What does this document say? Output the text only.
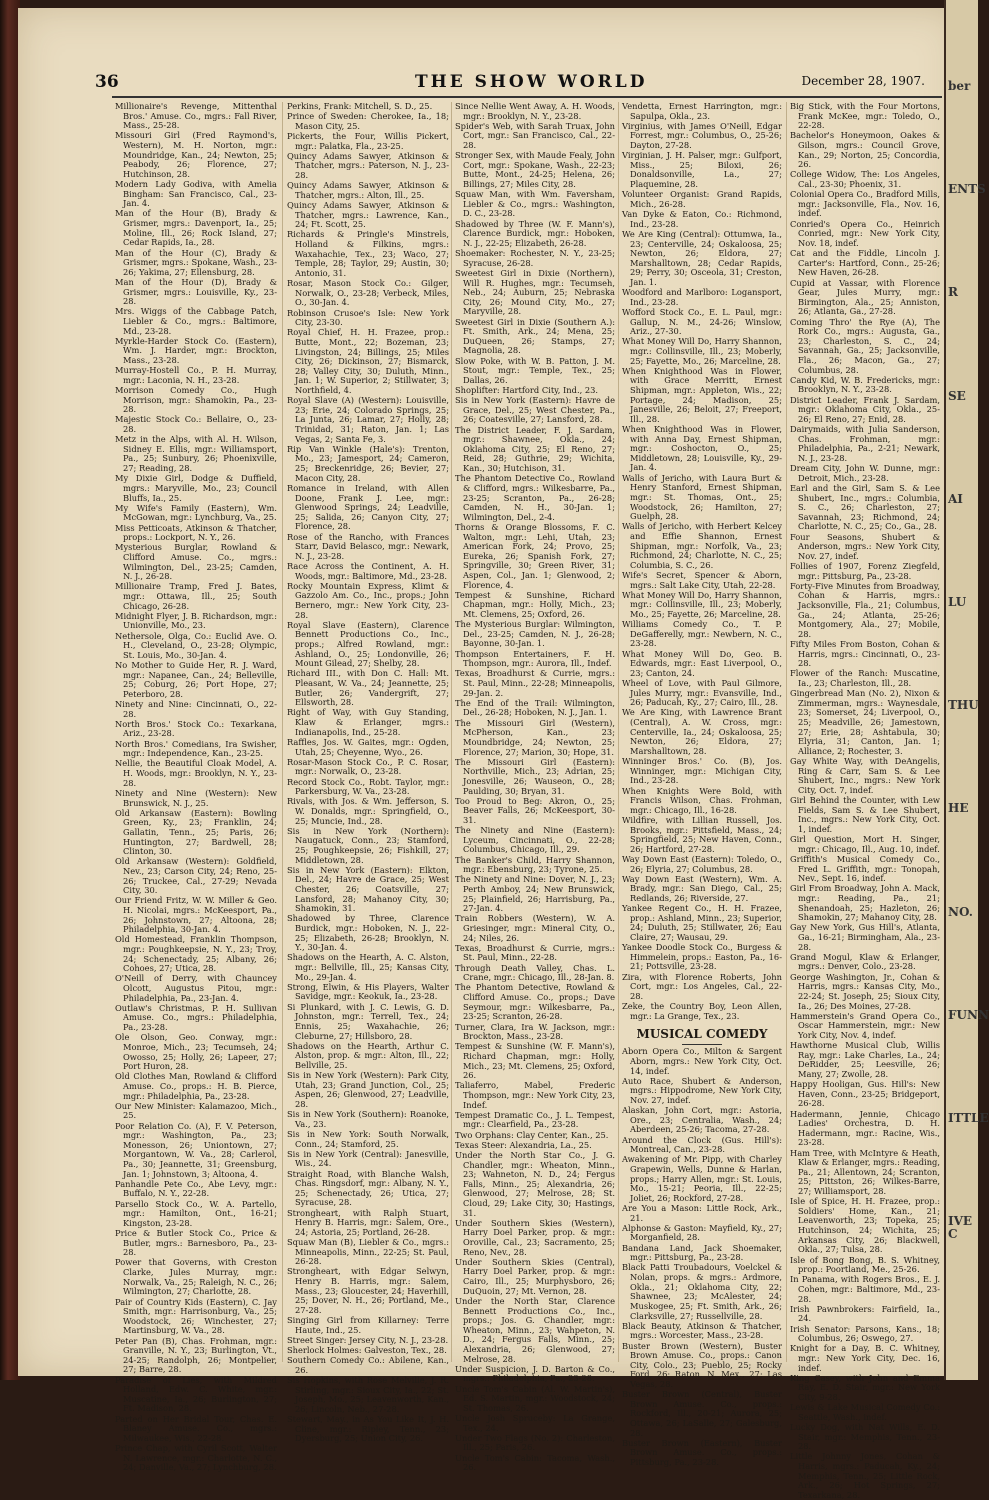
ber
ENTS
R
SE
AI
LU
THU
HE
NO.
FUNN
ITTLE
IVE C
36	THE SHOW WORLD	December 28, 1907.

Millionaire's Revenge, Mittenthal Bros.' Amuse. Co., mgrs.: Fall River, Mass., 25-28.

Missouri Girl (Fred Raymond's, Western), M. H. Norton, mgr.: Moundridge, Kan., 24; Newton, 25; Peabody, 26; Florence, 27; Hutchinson, 28.

Modern Lady Godiva, with Amelia Bingham: San Francisco, Cal., 23-Jan. 4.

Man of the Hour (B), Brady & Grismer, mgrs.: Davenport, Ia., 25; Moline, Ill., 26; Rock Island, 27; Cedar Rapids, Ia., 28.

Man of the Hour (C), Brady & Grismer, mgrs.: Spokane, Wash., 23-26; Yakima, 27; Ellensburg, 28.

Man of the Hour (D), Brady & Grismer, mgrs.: Louisville, Ky., 23-28.

Mrs. Wiggs of the Cabbage Patch, Liebler & Co., mgrs.: Baltimore, Md., 23-28.

Myrkle-Harder Stock Co. (Eastern), Wm. J. Harder, mgr.: Brockton, Mass., 23-28.

Murray-Hostell Co., P. H. Murray, mgr.: Laconia, N. H., 23-28.

Morrison Comedy Co., Hugh Morrison, mgr.: Shamokin, Pa., 23-28.

Majestic Stock Co.: Bellaire, O., 23-28.

Metz in the Alps, with Al. H. Wilson, Sidney E. Ellis, mgr.: Williamsport, Pa., 25; Sunbury, 26; Phoenixville, 27; Reading, 28.

My Dixie Girl, Dodge & Duffield, mgrs.: Maryville, Mo., 23; Council Bluffs, Ia., 25.

My Wife's Family (Eastern), Wm. McGowan, mgr.: Lynchburg, Va., 25.

Miss Petticoats, Atkinson & Thatcher, props.: Lockport, N. Y., 26.

Mysterious Burglar, Rowland & Clifford Amuse. Co., mgrs.: Wilmington, Del., 23-25; Camden, N. J., 26-28.

Millionaire Tramp, Fred J. Bates, mgr.: Ottawa, Ill., 25; South Chicago, 26-28.

Midnight Flyer, J. B. Richardson, mgr.: Unionville, Mo., 23.

Nethersole, Olga, Co.: Euclid Ave. O. H., Cleveland, O., 23-28; Olympic, St. Louis, Mo., 30-Jan. 4.

No Mother to Guide Her, R. J. Ward, mgr.: Napanee, Can., 24; Belleville, 25; Coburg, 26; Port Hope, 27; Peterboro, 28.

Ninety and Nine: Cincinnati, O., 22-28.

North Bros.' Stock Co.: Texarkana, Ariz., 23-28.

North Bros.' Comedians, Ira Swisher, mgr.: Independence, Kan., 23-25.

Nellie, the Beautiful Cloak Model, A. H. Woods, mgr.: Brooklyn, N. Y., 23-28.

Ninety and Nine (Western): New Brunswick, N. J., 25.

Old Arkansaw (Eastern): Bowling Green, Ky., 23; Franklin, 24; Gallatin, Tenn., 25; Paris, 26; Huntington, 27; Bardwell, 28; Clinton, 30.

Old Arkansaw (Western): Goldfield, Nev., 23; Carson City, 24; Reno, 25-26; Truckee, Cal., 27-29; Nevada City, 30.

Our Friend Fritz, W. W. Miller & Geo. H. Nicolai, mgrs.: McKeesport, Pa., 26; Johnstown, 27; Altoona, 28; Philadelphia, 30-Jan. 4.

Old Homestead, Franklin Thompson, mgr.: Poughkeepsie, N. Y., 23; Troy, 24; Schenectady, 25; Albany, 26; Cohoes, 27; Utica, 28.

O'Neill of Derry, with Chauncey Olcott, Augustus Pitou, mgr.: Philadelphia, Pa., 23-Jan. 4.

Outlaw's Christmas, P. H. Sullivan Amuse. Co., mgrs.: Philadelphia, Pa., 23-28.

Ole Olson, Geo. Conway, mgr.: Monroe, Mich., 23; Tecumseh, 24; Owosso, 25; Holly, 26; Lapeer, 27; Port Huron, 28.

Old Clothes Man, Rowland & Clifford Amuse. Co., props.: H. B. Pierce, mgr.: Philadelphia, Pa., 23-28.

Our New Minister: Kalamazoo, Mich., 25.

Poor Relation Co. (A), F. V. Peterson, mgr.: Washington, Pa., 23; Monesson, 26; Uniontown, 27; Morgantown, W. Va., 28; Carlerol, Pa., 30; Jeannette, 31; Greensburg, Jan. 1; Johnstown, 3; Altoona, 4.

Panhandle Pete Co., Abe Levy, mgr.: Buffalo, N. Y., 22-28.

Parsello Stock Co., W. A. Partello, mgr.: Hamilton, Ont., 16-21; Kingston, 23-28.

Price & Butler Stock Co., Price & Butler, mgrs.: Barnesboro, Pa., 23-28.

Power that Governs, with Creston Clarke, Jules Murray, mgr.: Norwalk, Va., 25; Raleigh, N. C., 26; Wilmington, 27; Charlotte, 28.

Pair of Country Kids (Eastern), C. Jay Smith, mgr.: Harrisonburg, Va., 25; Woodstock, 26; Winchester, 27; Martinsburg, W. Va., 28.

Peter Pan (B), Chas. Frohman, mgr.: Granville, N. Y., 23; Burlington, Vt., 24-25; Randolph, 26; Montpelier, 27; Barre, 28.

Paradise of Lies, with Mildred Holland, Edw. C. White, mgr.: Muscatine, Ia., 26; Burlington, 27; Ft. Madison, 28.

Parted on Her Bridal Tour, Chas. E. Blaney Amuse. Co., mgrs.: Milwaukee, Wis., 22-28.

Prince Chap, with Cyril Scott, Walter N. Lawrence, mgr.: Charlotte, N. C., 24; Danville, Va., 27; Lynchburg, 28.

Perkins, Frank: Mitchell, S. D., 25.

Prince of Sweden: Cherokee, Ia., 18; Mason City, 25.

Pickerts, the Four, Willis Pickert, mgr.: Palatka, Fla., 23-25.

Quincy Adams Sawyer, Atkinson & Thatcher, mgrs.: Paterson, N. J., 23-28.

Quincy Adams Sawyer, Atkinson & Thatcher, mgrs.: Alton, Ill., 25.

Quincy Adams Sawyer, Atkinson & Thatcher, mgrs.: Lawrence, Kan., 24; Ft. Scott, 25.

Richards & Pringle's Minstrels, Holland & Filkins, mgrs.: Waxahachie, Tex., 23; Waco, 27; Temple, 28; Taylor, 29; Austin, 30; Antonio, 31.

Rosar, Mason Stock Co.: Gilger, Norwalk, O., 23-28; Verbeck, Miles, O., 30-Jan. 4.

Robinson Crusoe's Isle: New York City, 23-30.

Royal Chief, H. H. Frazee, prop.: Butte, Mont., 22; Bozeman, 23; Livingston, 24; Billings, 25; Miles City, 26; Dickinson, 27; Bismarck, 28; Valley City, 30; Duluth, Minn., Jan. 1; W. Superior, 2; Stillwater, 3; Northfield, 4.

Royal Slave (A) (Western): Louisville, 23; Erie, 24; Colorado Springs, 25; La Junta, 26; Lamar, 27; Holly, 28; Trinidad, 31; Raton, Jan. 1; Las Vegas, 2; Santa Fe, 3.

Rip Van Winkle (Hale's): Trenton, Mo., 23; Jamesport, 24; Cameron, 25; Breckenridge, 26; Bevier, 27; Macon City, 28.

Romance in Ireland, with Allen Doone, Frank J. Lee, mgr.: Glenwood Springs, 24; Leadville, 25; Salida, 26; Canyon City, 27; Florence, 28.

Rose of the Rancho, with Frances Starr, David Belasco, mgr.: Newark, N. J., 23-28.

Race Across the Continent, A. H. Woods, mgr.: Baltimore, Md., 23-28.

Rocky Mountain Express, Klimt & Gazzolo Am. Co., Inc., props.; John Bernero, mgr.: New York City, 23-28.

Royal Slave (Eastern), Clarence Bennett Productions Co., Inc., props.; Alfred Rowland, mgr.: Ashland, O., 25; Londonville, 26; Mount Gilead, 27; Shelby, 28.

Richard III., with Don C. Hall: Mt. Pleasant, W. Va., 24; Jeannette, 25; Butler, 26; Vandergrift, 27; Ellsworth, 28.

Right of Way, with Guy Standing, Klaw & Erlanger, mgrs.: Indianapolis, Ind., 25-28.

Raffles, Jos. W. Gaites, mgr.: Ogden, Utah, 25; Cheyenne, Wyo., 26.

Rosar-Mason Stock Co., P. C. Rosar, mgr.: Norwalk, O., 23-28.

Record Stock Co., Robt. Taylor, mgr.: Parkersburg, W. Va., 23-28.

Rivals, with Jos. & Wm. Jefferson, S. W. Donalds, mgr.: Springfield, O., 25; Muncie, Ind., 28.

Sis in New York (Northern): Naugatuck, Conn., 23; Stamford, 25; Poughkeepsie, 26; Fishkill, 27; Middletown, 28.

Sis in New York (Eastern): Elkton, Del., 24; Havre de Grace, 25; West Chester, 26; Coatsville, 27; Lansford, 28; Mahanoy City, 30; Shamokin, 31.

Shadowed by Three, Clarence Burdick, mgr.: Hoboken, N. J., 22-25; Elizabeth, 26-28; Brooklyn, N. Y., 30-Jan. 4.

Shadows on the Hearth, A. C. Alston, mgr.: Bellville, Ill., 25; Kansas City, Mo., 29-Jan. 4.

Strong, Elwin, & His Players, Walter Savidge, mgr.: Keokuk, Ia., 23-28.

Si Plunkard, with J. C. Lewis, G. D. Johnston, mgr.: Terrell, Tex., 24; Ennis, 25; Waxahachie, 26; Cleburne, 27; Hillsboro, 28.

Shadows on the Hearth, Arthur C. Alston, prop. & mgr.: Alton, Ill., 22; Bellville, 25.

Sis in New York (Western): Park City, Utah, 23; Grand Junction, Col., 25; Aspen, 26; Glenwood, 27; Leadville, 28.

Sis in New York (Southern): Roanoke, Va., 23.

Sis in New York: South Norwalk, Conn., 24; Stamford, 25.

Sis in New York (Central): Janesville, Wis., 24.

Straight Road, with Blanche Walsh, Chas. Ringsdorf, mgr.: Albany, N. Y., 25; Schenectady, 26; Utica, 27; Syracuse, 28.

Strongheart, with Ralph Stuart, Henry B. Harris, mgr.: Salem, Ore., 24; Astoria, 25; Portland, 26-28.

Squaw Man (B), Liebler & Co., mgrs.: Minneapolis, Minn., 22-25; St. Paul, 26-28.

Strongheart, with Edgar Selwyn, Henry B. Harris, mgr.: Salem, Mass., 23; Gloucester, 24; Haverhill, 25; Dover, N. H., 26; Portland, Me., 27-28.

Singing Girl from Killarney: Terre Haute, Ind., 25.

Street Singer: Jersey City, N. J., 23-28.

Sherlock Holmes: Galveston, Tex., 28.

Southern Comedy Co.: Abilene, Kan., 26.

Sis Hopkins, with Rose Melville, J. R. Stirling, mgr.: Sioux City, Ia., 22; St. Joseph, Mo., 25; Leavenworth, Kan., 26; Lincoln, Neb., 27-28.

Stewart, May., in As You Like It, J. H. Cline, mgr.: Ripley, Tenn., 23; Dyersburg, 25; Union City, 26.

Since Nellie Went Away, A. H. Woods, mgr.: Brooklyn, N. Y., 23-28.

Spider's Web, with Sarah Truax, John Cort, mgr.: San Francisco, Cal., 22-28.

Stronger Sex, with Maude Fealy, John Cort, mgr.: Spokane, Wash., 22-23; Butte, Mont., 24-25; Helena, 26; Billings, 27; Miles City, 28.

Squaw Man, with Wm. Faversham, Liebler & Co., mgrs.: Washington, D. C., 23-28.

Shadowed by Three (W. F. Mann's), Clarence Burdick, mgr.: Hoboken, N. J., 22-25; Elizabeth, 26-28.

Shoemaker: Rochester, N. Y., 23-25; Syracuse, 26-28.

Sweetest Girl in Dixie (Northern), Will R. Hughes, mgr.: Tecumseh, Neb., 24; Auburn, 25; Nebraska City, 26; Mound City, Mo., 27; Maryville, 28.

Sweetest Girl in Dixie (Southern A.): Ft. Smith, Ark., 24; Mena, 25; DuQueen, 26; Stamps, 27; Magnolia, 28.

Slow Poke, with W. B. Patton, J. M. Stout, mgr.: Temple, Tex., 25; Dallas, 26.

Shoplifter: Hartford City, Ind., 23.

Sis in New York (Eastern): Havre de Grace, Del., 25; West Chester, Pa., 26; Coatesville, 27; Lansford, 28.

The District Leader, F. J. Sardam, mgr.: Shawnee, Okla., 24; Oklahoma City, 25; El Reno, 27; Reid, 28; Guthrie, 29; Wichita, Kan., 30; Hutchison, 31.

The Phantom Detective Co., Rowland & Clifford, mgrs.: Wilkesbarre, Pa., 23-25; Scranton, Pa., 26-28; Camden, N. H., 30-Jan. 1; Wilmington, Del., 2-4.

Thorns & Orange Blossoms, F. C. Walton, mgr.: Lehi, Utah, 23; American Fork, 24; Provo, 25; Eureka, 26; Spanish Fork, 27; Springville, 30; Green River, 31; Aspen, Col., Jan. 1; Glenwood, 2; Florence, 4.

Tempest & Sunshine, Richard Chapman, mgr.: Holly, Mich., 23; Mt. Clemens, 25; Oxford, 26.

The Mysterious Burglar: Wilmington, Del., 23-25; Camden, N. J., 26-28; Bayonne, 30-Jan. 1.

Thompson Entertainers, F. H. Thompson, mgr.: Aurora, Ill., Indef.

Texas, Broadhurst & Currie, mgrs.: St. Paul, Minn., 22-28; Minneapolis, 29-Jan. 2.

The End of the Trail: Wilmington, Del., 26-28; Hoboken, N. J., Jan. 1.

The Missouri Girl (Western), McPherson, Kan., 23; Moundbridge, 24; Newton, 25; Florence, 27; Marion, 30; Hope, 31.

The Missouri Girl (Eastern): Northville, Mich., 23; Adrian, 25; Jonesville, 26; Wauseon, O., 28; Paulding, 30; Bryan, 31.

Too Proud to Beg: Akron, O., 25; Beaver Falls, 26; McKeesport, 30-31.

The Ninety and Nine (Eastern): Lyceum, Cincinnati, O., 22-28; Columbus, Chicago, Ill., 29.

The Banker's Child, Harry Shannon, mgr.: Ebensburg, 23; Tyrone, 25.

The Ninety and Nine: Dover, N. J., 23; Perth Amboy, 24; New Brunswick, 25; Plainfield, 26; Harrisburg, Pa., 27-Jan. 4.

Train Robbers (Western), W. A. Griesinger, mgr.: Mineral City, O., 24; Niles, 26.

Texas, Broadhurst & Currie, mgrs.: St. Paul, Minn., 22-28.

Through Death Valley, Chas. L. Crane, mgr.: Chicago, Ill., 28-Jan. 8.

The Phantom Detective, Rowland & Clifford Amuse. Co., props.; Dave Seymour, mgr.: Wilkesbarre, Pa., 23-25; Scranton, 26-28.

Turner, Clara, Ira W. Jackson, mgr.: Brockton, Mass., 23-28.

Tempest & Sunshine (W. F. Mann's), Richard Chapman, mgr.: Holly, Mich., 23; Mt. Clemens, 25; Oxford, 26.

Taliaferro, Mabel, Frederic Thompson, mgr.: New York City, 23, Indef.

Tempest Dramatic Co., J. L. Tempest, mgr.: Clearfield, Pa., 23-28.

Two Orphans: Clay Center, Kan., 25.

Texas Steer: Alexandria, La., 25.

Under the North Star Co., J. G. Chandler, mgr.: Wheaton, Minn., 23; Wahneton, N. D., 24; Fergus Falls, Minn., 25; Alexandria, 26; Glenwood, 27; Melrose, 28; St. Cloud, 29; Lake City, 30; Hastings, 31.

Under Southern Skies (Western), Harry Doel Parker, prop. & mgr.: Oroville, Cal., 23; Sacramento, 25; Reno, Nev., 28.

Under Southern Skies (Central), Harry Doel Parker, prop. & mgr.: Cairo, Ill., 25; Murphysboro, 26; DuQuoin, 27; Mt. Vernon, 28.

Under the North Star, Clarence Bennett Productions Co., Inc., props.; Jos. G. Chandler, mgr.: Wheaton, Minn., 23; Wahpeton, N. D., 24; Fergus Falls, Minn., 25; Alexandria, 26; Glenwood, 27; Melrose, 28.

Under Suspicion, J. D. Barton & Co., mgrs.: Philadelphia, Pa., 23-28.

Uncle Tom's Cabin (Al. W. Martin's), Ed. S. Martin, mgr.: Woodstock, 24; St. Thomas, 26.

Uncle Josh Spruceby: La Grange, Tex., 24.

Under Two Flags (No. 2): Charleston, Ill., 25; Paris, 26.

Uncle Tom's Cabin: Tacoma, Wash., 26.

Vendetta, Ernest Harrington, mgr.: Sapulpa, Okla., 23.

Virginius, with James O'Neill, Edgar Forrest, mgr.: Columbus, O., 25-26; Dayton, 27-28.

Virginian, J. H. Palser, mgr.: Gulfport, Miss., 25; Biloxi, 26; Donaldsonville, La., 27; Plaquemine, 28.

Volunteer Organist: Grand Rapids, Mich., 26-28.

Van Dyke & Eaton, Co.: Richmond, Ind., 23-28.

We Are King (Central): Ottumwa, Ia., 23; Centerville, 24; Oskaloosa, 25; Newton, 26; Eldora, 27; Marshalltown, 28; Cedar Rapids, 29; Perry, 30; Osceola, 31; Creston, Jan. 1.

Woodford and Marlboro: Logansport, Ind., 23-28.

Wofford Stock Co., E. L. Paul, mgr.: Gallup, N. M., 24-26; Winslow, Ariz., 27-30.

What Money Will Do, Harry Shannon, mgr.: Collinsville, Ill., 23; Moberly, 25; Fayette, Mo., 26; Marceline, 28.

When Knighthood Was in Flower, with Grace Merritt, Ernest Shipman, mgr.: Appleton, Wis., 22; Portage, 24; Madison, 25; Janesville, 26; Beloit, 27; Freeport, Ill., 28.

When Knighthood Was in Flower, with Anna Day, Ernest Shipman, mgr.: Coshocton, O., 25; Middletown, 28; Louisville, Ky., 29-Jan. 4.

Walls of Jericho, with Laura Burt & Henry Stanford, Ernest Shipman, mgr.: St. Thomas, Ont., 25; Woodstock, 26; Hamilton, 27; Guelph, 28.

Walls of Jericho, with Herbert Kelcey and Effie Shannon, Ernest Shipman, mgr.: Norfolk, Va., 23; Richmond, 24; Charlotte, N. C., 25; Columbia, S. C., 26.

Wife's Secret, Spencer & Aborn, mgrs.: Salt Lake City, Utah, 22-28.

What Money Will Do, Harry Shannon, mgr.: Collinsville, Ill., 23; Moberly, Mo., 25; Fayette, 26; Marceline, 28.

Williams Comedy Co., T. P. DeGafferelly, mgr.: Newbern, N. C., 23-28.

What Money Will Do, Geo. B. Edwards, mgr.: East Liverpool, O., 23; Canton, 24.

Wheel of Love, with Paul Gilmore, Jules Murry, mgr.: Evansville, Ind., 26; Paducah, Ky., 27; Cairo, Ill., 28.

We Are King, with Lawrence Brant (Central), A. W. Cross, mgr.: Centerville, Ia., 24; Oskaloosa, 25; Newton, 26; Eldora, 27; Marshalltown, 28.

Winninger Bros.' Co. (B), Jos. Winninger, mgr.: Michigan City, Ind., 23-28.

When Knights Were Bold, with Francis Wilson, Chas. Frohman, mgr.: Chicago, Ill., 16-28.

Wildfire, with Lillian Russell, Jos. Brooks, mgr.: Pittsfield, Mass., 24; Springfield, 25; New Haven, Conn., 26; Hartford, 27-28.

Way Down East (Eastern): Toledo, O., 26; Elyria, 27; Columbus, 28.

Way Down East (Western), Wm. A. Brady, mgr.: San Diego, Cal., 25; Redlands, 26; Riverside, 27.

Yankee Regent Co., H. H. Frazee, prop.: Ashland, Minn., 23; Superior, 24; Duluth, 25; Stillwater, 26; Eau Claire, 27; Wausau, 29.

Yankee Doodle Stock Co., Burgess & Himmelein, props.: Easton, Pa., 16-21; Pottsville, 23-28.

Zira, with Florence Roberts, John Cort, mgr.: Los Angeles, Cal., 22-28.

Zeke, the Country Boy, Leon Allen, mgr.: La Grange, Tex., 23.

MUSICAL COMEDY

Aborn Opera Co., Milton & Sargent Aborn, mgrs.: New York City, Oct. 14, indef.

Auto Race, Shubert & Anderson, mgrs.: Hippodrome, New York City, Nov. 27, indef.

Alaskan, John Cort, mgr.: Astoria, Ore., 23; Centralia, Wash., 24; Aberdeen, 25-26; Tacoma, 27-28.

Around the Clock (Gus. Hill's): Montreal, Can., 23-28.

Awakening of Mr. Pipp, with Charley Grapewin, Wells, Dunne & Harlan, props.; Harry Allen, mgr.: St. Louis, Mo., 15-21; Peoria, Ill., 22-25; Joliet, 26; Rockford, 27-28.

Are You a Mason: Little Rock, Ark., 21.

Alphonse & Gaston: Mayfield, Ky., 27; Morganfield, 28.

Bandana Land, Jack Shoemaker, mgr.: Pittsburg, Pa., 23-28.

Black Patti Troubadours, Voelckel & Nolan, props. & mgrs.: Ardmore, Okla., 21; Oklahoma City, 22; Shawnee, 23; McAlester, 24; Muskogee, 25; Ft. Smith, Ark., 26; Clarksville, 27; Russellville, 28.

Black Beauty, Atkinson & Thatcher, mgrs.: Worcester, Mass., 23-28.

Buster Brown (Western), Buster Brown Amuse. Co., props.: Canon City, Colo., 23; Pueblo, 25; Rocky Ford, 26; Raton, N. Mex., 27; Las Vegas, 28.

Buster Brown (Central), Buster Brown Amuse. Co., props.: Rockford, Ill., 20-21; Aurora, 25; Ottawa, 26; LaSalle, 27; Galesburg, 28.

Buster Brown (Eastern), Buster Brown Amuse. Co., props.: Pittsburg, Pa., 23-28.

Big Stick, with the Four Mortons, Frank McKee, mgr.: Toledo, O., 22-28.

Bachelor's Honeymoon, Oakes & Gilson, mgrs.: Council Grove, Kan., 29; Norton, 25; Concordia, 26.

College Widow, The: Los Angeles, Cal., 23-30; Phoenix, 31.

Colonial Opera Co., Bradford Mills, mgr.: Jacksonville, Fla., Nov. 16, indef.

Conried's Opera Co., Heinrich Conried, mgr.: New York City, Nov. 18, indef.

Cat and the Fiddle, Lincoln J. Carter's: Hartford, Conn., 25-26; New Haven, 26-28.

Cupid at Vassar, with Florence Gear, Jules Murry, mgr.: Birmington, Ala., 25; Anniston, 26; Atlanta, Ga., 27-28.

Coming Thro' the Rye (A), The Rork Co., mgrs.: Augusta, Ga., 23; Charleston, S. C., 24; Savannah, Ga., 25; Jacksonville, Fla., 26; Macon, Ga., 27; Columbus, 28.

Candy Kid, W. B. Fredericks, mgr.: Brooklyn, N. Y., 23-28.

District Leader, Frank J. Sardam, mgr.: Oklahoma City, Okla., 25-26; El Reno, 27; Enid, 28.

Dairymaids, with Julia Sanderson, Chas. Frohman, mgr.: Philadelphia, Pa., 2-21; Newark, N. J., 23-28.

Dream City, John W. Dunne, mgr.: Detroit, Mich., 23-28.

Earl and the Girl, Sam S. & Lee Shubert, Inc., mgrs.: Columbia, S. C., 26; Charleston, 27; Savannah, 23; Richmond, 24; Charlotte, N. C., 25; Co., Ga., 28.

Four Seasons, Shubert & Anderson, mgrs.: New York City, Nov. 27, indef.

Follies of 1907, Forenz Ziegfeld, mgr.: Pittsburg, Pa., 23-28.

Forty-Five Minutes from Broadway, Cohan & Harris, mgrs.: Jacksonville, Fla., 21; Columbus, Ga., 24; Atlanta, 25-26; Montgomery, Ala., 27; Mobile, 28.

Fifty Miles From Boston, Cohan & Harris, mgrs.: Cincinnati, O., 23-28.

Flower of the Ranch: Muscatine, Ia., 23; Charleston, Ill., 28.

Gingerbread Man (No. 2), Nixon & Zimmerman, mgrs.: Waynesdale, 23; Somerset, 24; Liverpool, O., 25; Meadville, 26; Jamestown, 27; Erie, 28; Ashtabula, 30; Elyria, 31; Canton, Jan. 1; Alliance, 2; Rochester, 3.

Gay White Way, with DeAngelis, Ring & Carr, Sam S. & Lee Shubert, Inc., mgrs.: New York City, Oct. 7, indef.

Girl Behind the Counter, with Lew Fields, Sam S. & Lee Shubert, Inc., mgrs.: New York City, Oct. 1, indef.

Girl Question, Mort H. Singer, mgr.: Chicago, Ill., Aug. 10, indef.

Griffith's Musical Comedy Co., Fred L. Griffith, mgr.: Tonopah, Nev., Sept. 16, indef.

Girl From Broadway, John A. Mack, mgr.: Reading, Pa., 21; Shenandoah, 25; Hazleton, 26; Shamokin, 27; Mahanoy City, 28.

Gay New York, Gus Hill's, Atlanta, Ga., 16-21; Birmingham, Ala., 23-28.

Grand Mogul, Klaw & Erlanger, mgrs.: Denver, Colo., 23-28.

George Washington, Jr., Cohan & Harris, mgrs.: Kansas City, Mo., 22-24; St. Joseph, 25; Sioux City, Ia., 26; Des Moines, 27-28.

Hammerstein's Grand Opera Co., Oscar Hammerstein, mgr.: New York City, Nov. 4, indef.

Hawthorne Musical Club, Willis Ray, mgr.: Lake Charles, La., 24; DeRidder, 25; Leesville, 26; Many, 27; Zwolle, 28.

Happy Hooligan, Gus. Hill's: New Haven, Conn., 23-25; Bridgeport, 26-28.

Hadermann, Jennie, Chicago Ladies' Orchestra, D. H. Hadermann, mgr.: Racine, Wis., 23-28.

Ham Tree, with McIntyre & Heath, Klaw & Erlanger, mgrs.: Reading, Pa., 21; Allentown, 24; Scranton, 25; Pittston, 26; Wilkes-Barre, 27; Williamsport, 28.

Isle of Spice, H. H. Frazee, prop.: Soldiers' Home, Kan., 21; Leavenworth, 23; Topeka, 25; Hutchinson, 24; Wichita, 25; Arkansas City, 26; Blackwell, Okla., 27; Tulsa, 28.

Isle of Bong Bong, B. S. Whitney, prop.: Poortland, Me., 25-26.

In Panama, with Rogers Bros., E. J. Cohen, mgr.: Baltimore, Md., 23-28.

Irish Pawnbrokers: Fairfield, Ia., 24.

Irish Senator: Parsons, Kans., 18; Columbus, 26; Oswego, 27.

Knight for a Day, B. C. Whitney, mgr.: New York City, Dec. 16, indef.

King Casey, with John and Emma Ray, E. D. Stair, mgr.: New York City, 9-28.

Lewis & Lake Musical Comedy Co.: Seattle, Wash., indef.

Lucky Dog, with Nat Wills, E. D. Stair, mgr.: Memphis, Tenn., 23-28.

Little Johnny Jones, Cohan & Harris, mgrs.: Paducah, Ky., 24; Memphis, Tenn., 25; Little Rock, Ark., 26; Hot Springs, 27; Texarkana, 28.
